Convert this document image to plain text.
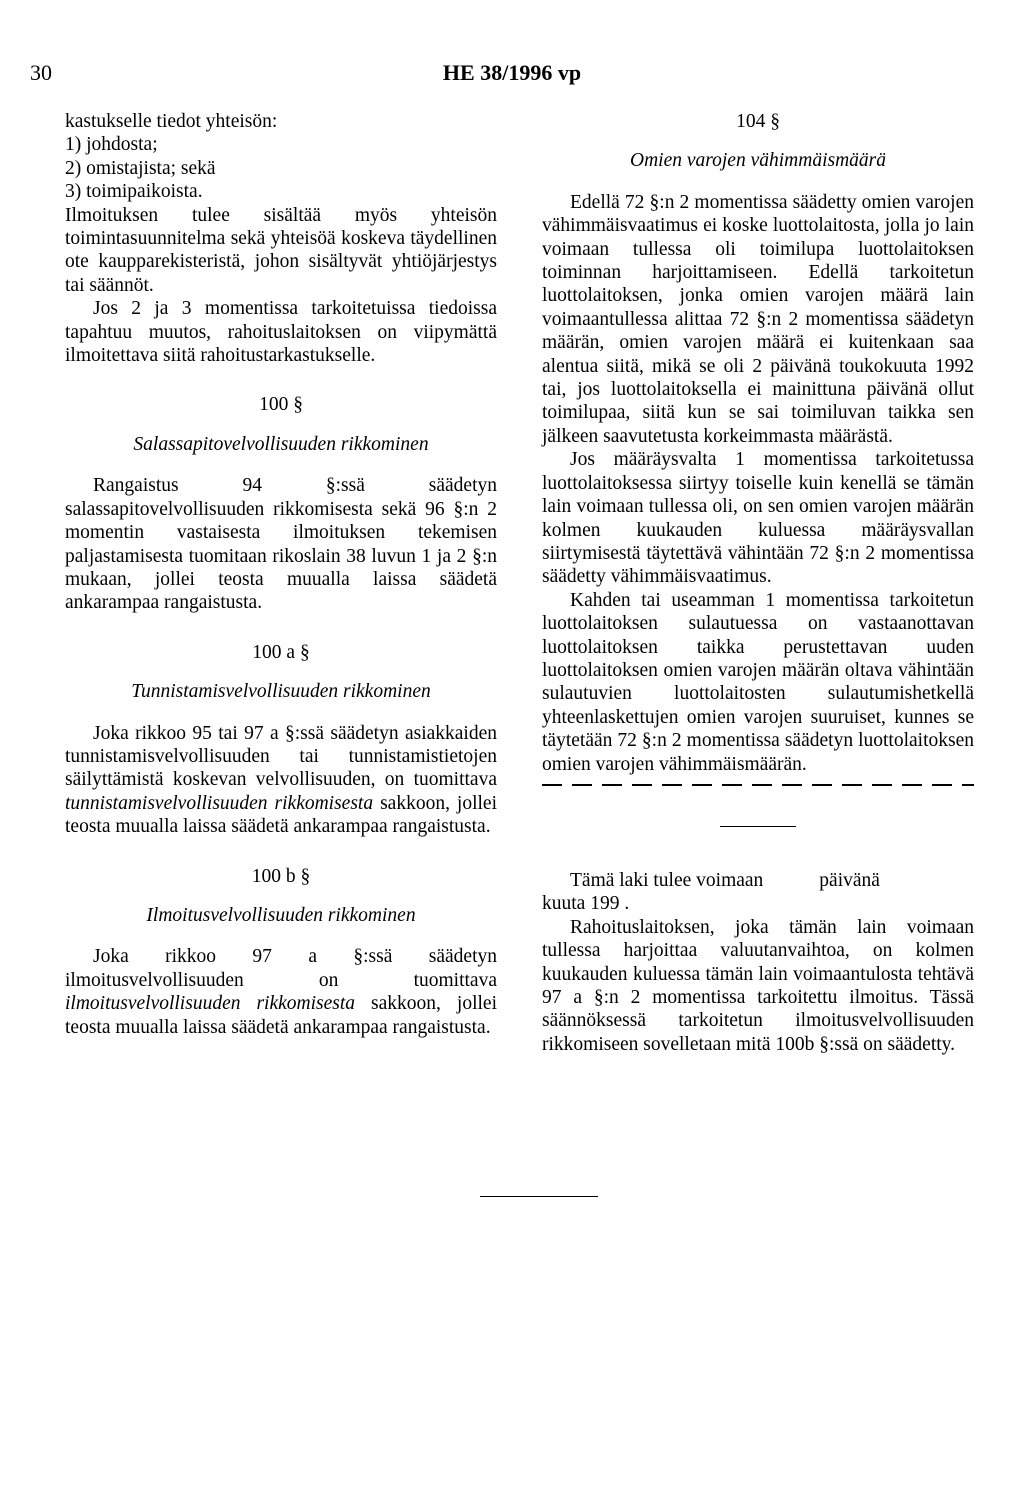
30	HE 38/1996 vp

kastukselle tiedot yhteisön:

1) johdosta;

2) omistajista; sekä

3) toimipaikoista.

Ilmoituksen tulee sisältää myös yhteisön toimintasuunnitelma sekä yhteisöä koskeva täydellinen ote kaupparekisteristä, johon sisältyvät yhtiöjärjestys tai säännöt.

Jos 2 ja 3 momentissa tarkoitetuissa tiedoissa tapahtuu muutos, rahoituslaitoksen on viipymättä ilmoitettava siitä rahoitustarkastukselle.

100 §

Salassapitovelvollisuuden rikkominen

Rangaistus 94 §:ssä säädetyn salassapitovelvollisuuden rikkomisesta sekä 96 §:n 2 momentin vastaisesta ilmoituksen tekemisen paljastamisesta tuomitaan rikoslain 38 luvun 1 ja 2 §:n mukaan, jollei teosta muualla laissa säädetä ankarampaa rangaistusta.

100 a §

Tunnistamisvelvollisuuden rikkominen

Joka rikkoo 95 tai 97 a §:ssä säädetyn asiakkaiden tunnistamisvelvollisuuden tai tunnistamistietojen säilyttämistä koskevan velvollisuuden, on tuomittava tunnistamisvelvollisuuden rikkomisesta sakkoon, jollei teosta muualla laissa säädetä ankarampaa rangaistusta.

100 b §

Ilmoitusvelvollisuuden rikkominen

Joka rikkoo 97 a §:ssä säädetyn ilmoitusvelvollisuuden on tuomittava ilmoitusvelvollisuuden rikkomisesta sakkoon, jollei teosta muualla laissa säädetä ankarampaa rangaistusta.

104 §

Omien varojen vähimmäismäärä

Edellä 72 §:n 2 momentissa säädetty omien varojen vähimmäisvaatimus ei koske luottolaitosta, jolla jo lain voimaan tullessa oli toimilupa luottolaitoksen toiminnan harjoittamiseen. Edellä tarkoitetun luottolaitoksen, jonka omien varojen määrä lain voimaantullessa alittaa 72 §:n 2 momentissa säädetyn määrän, omien varojen määrä ei kuitenkaan saa alentua siitä, mikä se oli 2 päivänä toukokuuta 1992 tai, jos luottolaitoksella ei mainittuna päivänä ollut toimilupaa, siitä kun se sai toimiluvan taikka sen jälkeen saavutetusta korkeimmasta määrästä.

Jos määräysvalta 1 momentissa tarkoitetussa luottolaitoksessa siirtyy toiselle kuin kenellä se tämän lain voimaan tullessa oli, on sen omien varojen määrän kolmen kuukauden kuluessa määräysvallan siirtymisestä täytettävä vähintään 72 §:n 2 momentissa säädetty vähimmäisvaatimus.

Kahden tai useamman 1 momentissa tarkoitetun luottolaitoksen sulautuessa on vastaanottavan luottolaitoksen taikka perustettavan uuden luottolaitoksen omien varojen määrän oltava vähintään sulautuvien luottolaitosten sulautumishetkellä yhteenlaskettujen omien varojen suuruiset, kunnes se täytetään 72 §:n 2 momentissa säädetyn luottolaitoksen omien varojen vähimmäismäärän.

Tämä laki tulee voimaan	päivänä

kuuta 199 .

Rahoituslaitoksen, joka tämän lain voimaan tullessa harjoittaa valuutanvaihtoa, on kolmen kuukauden kuluessa tämän lain voimaantulosta tehtävä 97 a §:n 2 momentissa tarkoitettu ilmoitus. Tässä säännöksessä tarkoitetun ilmoitusvelvollisuuden rikkomiseen sovelletaan mitä 100b §:ssä on säädetty.
